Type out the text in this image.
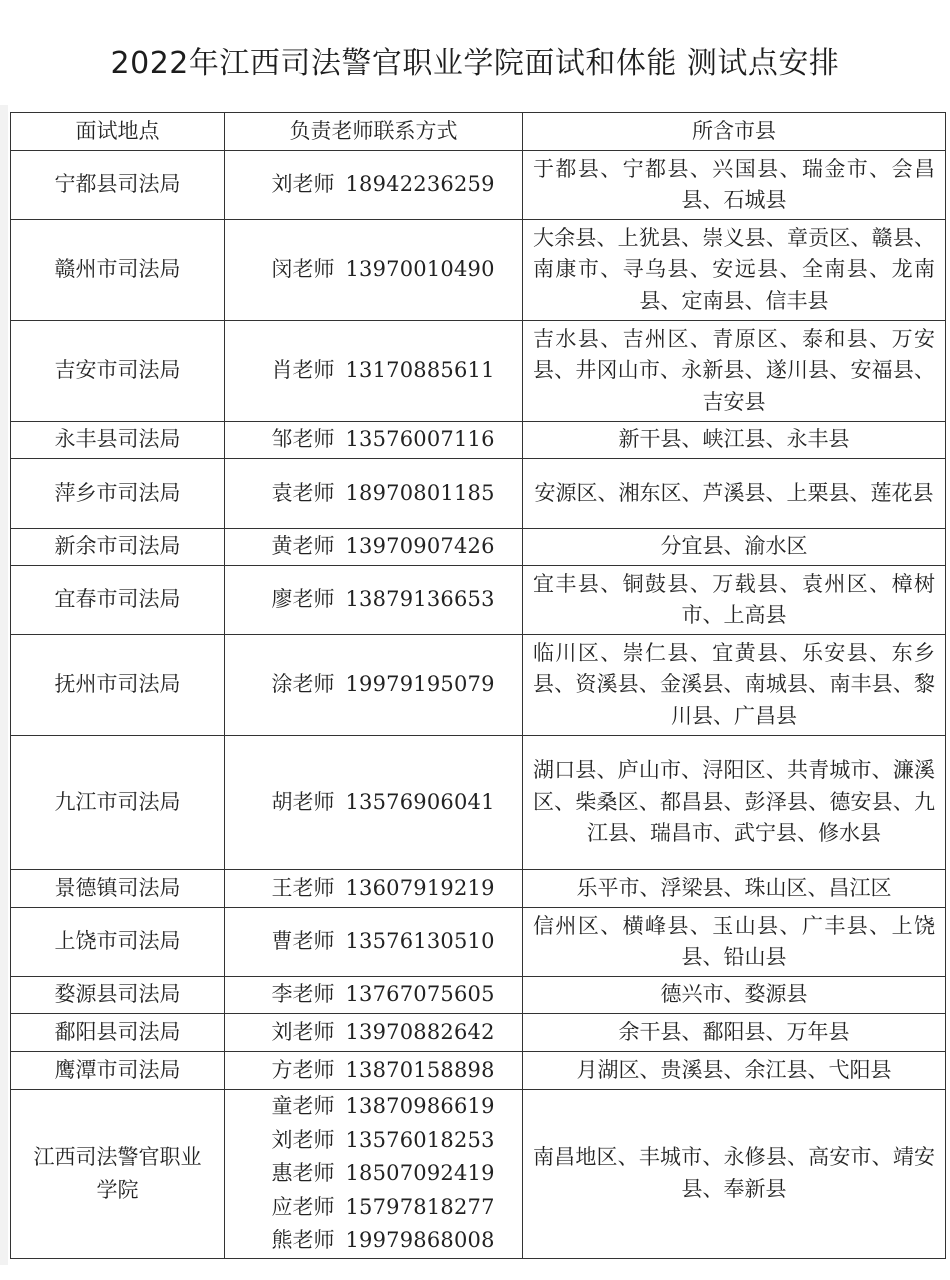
2022年江西司法警官职业学院面试和体能 测试点安排
面试地点	负责老师联系方式	所含市县
宁都县司法局	刘老师 18942236259	于都县、宁都县、兴国县、瑞金市、会昌县、石城县
赣州市司法局	闵老师 13970010490	大余县、上犹县、崇义县、章贡区、赣县、南康市、寻乌县、安远县、全南县、龙南县、定南县、信丰县
吉安市司法局	肖老师 13170885611	吉水县、吉州区、青原区、泰和县、万安县、井冈山市、永新县、遂川县、安福县、吉安县
永丰县司法局	邹老师 13576007116	新干县、峡江县、永丰县
萍乡市司法局	袁老师 18970801185	安源区、湘东区、芦溪县、上栗县、莲花县
新余市司法局	黄老师 13970907426	分宜县、渝水区
宜春市司法局	廖老师 13879136653	宜丰县、铜鼓县、万载县、袁州区、樟树市、上高县
抚州市司法局	涂老师 19979195079	临川区、崇仁县、宜黄县、乐安县、东乡县、资溪县、金溪县、南城县、南丰县、黎川县、广昌县
九江市司法局	胡老师 13576906041	湖口县、庐山市、浔阳区、共青城市、濂溪区、柴桑区、都昌县、彭泽县、德安县、九江县、瑞昌市、武宁县、修水县
景德镇司法局	王老师 13607919219	乐平市、浮梁县、珠山区、昌江区
上饶市司法局	曹老师 13576130510	信州区、横峰县、玉山县、广丰县、上饶县、铅山县
婺源县司法局	李老师 13767075605	德兴市、婺源县
鄱阳县司法局	刘老师 13970882642	余干县、鄱阳县、万年县
鹰潭市司法局	方老师 13870158898	月湖区、贵溪县、余江县、弋阳县
江西司法警官职业学院	童老师 13870986619
刘老师 13576018253
惠老师 18507092419
应老师 15797818277
熊老师 19979868008	南昌地区、丰城市、永修县、高安市、靖安县、奉新县
